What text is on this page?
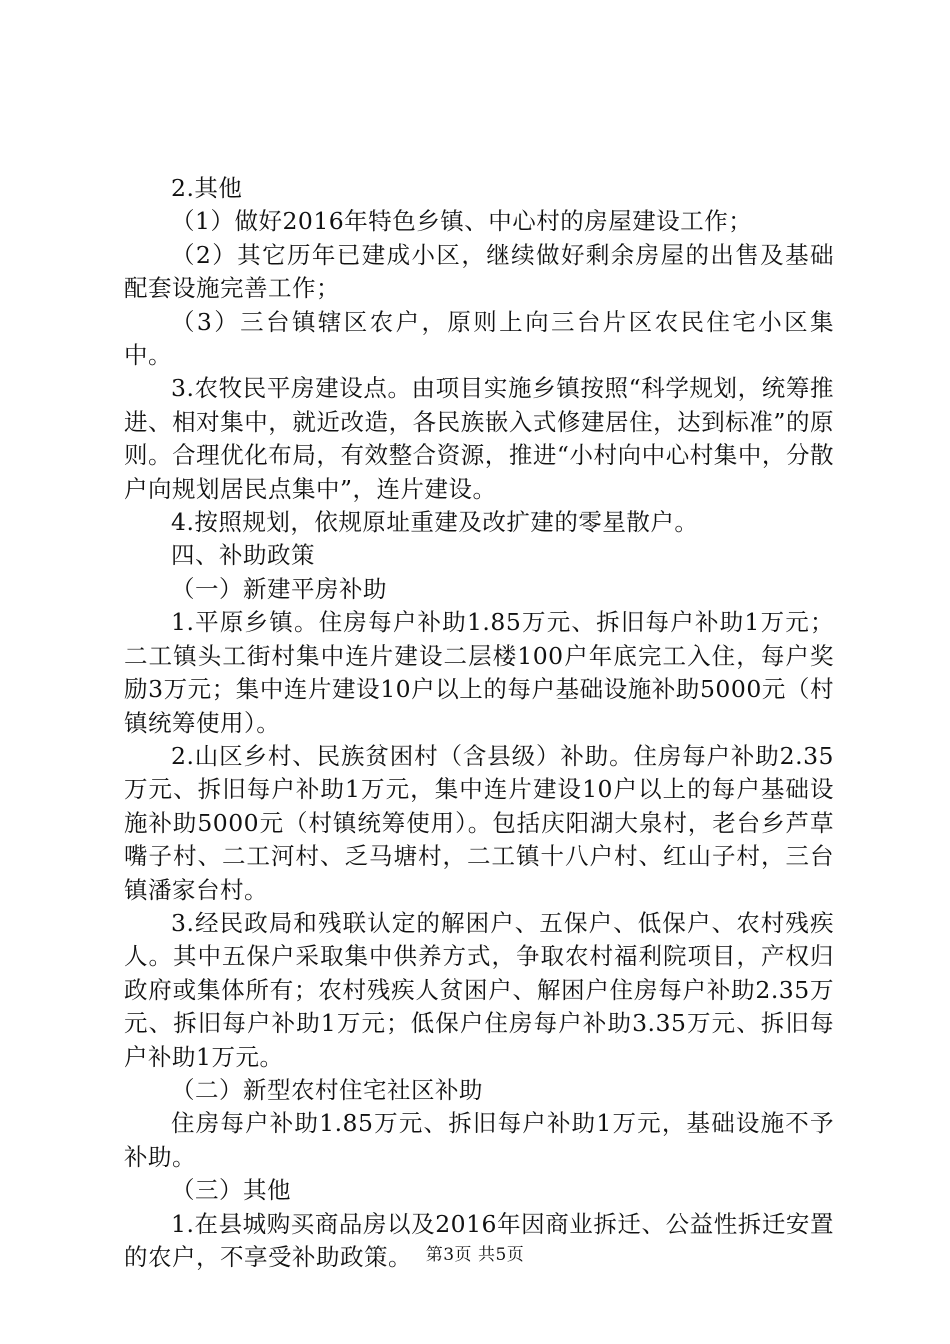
2.其他

（1）做好2016年特色乡镇、中心村的房屋建设工作；

（2）其它历年已建成小区，继续做好剩余房屋的出售及基础配套设施完善工作；

（3）三台镇辖区农户，原则上向三台片区农民住宅小区集中。

3.农牧民平房建设点。由项目实施乡镇按照“科学规划，统筹推进、相对集中，就近改造，各民族嵌入式修建居住，达到标准”的原则。合理优化布局，有效整合资源，推进“小村向中心村集中，分散户向规划居民点集中”，连片建设。

4.按照规划，依规原址重建及改扩建的零星散户。

四、补助政策

（一）新建平房补助

1.平原乡镇。住房每户补助1.85万元、拆旧每户补助1万元；二工镇头工街村集中连片建设二层楼100户年底完工入住，每户奖励3万元；集中连片建设10户以上的每户基础设施补助5000元（村镇统筹使用）。

2.山区乡村、民族贫困村（含县级）补助。住房每户补助2.35万元、拆旧每户补助1万元，集中连片建设10户以上的每户基础设施补助5000元（村镇统筹使用）。包括庆阳湖大泉村，老台乡芦草嘴子村、二工河村、乏马塘村，二工镇十八户村、红山子村，三台镇潘家台村。

3.经民政局和残联认定的解困户、五保户、低保户、农村残疾人。其中五保户采取集中供养方式，争取农村福利院项目，产权归政府或集体所有；农村残疾人贫困户、解困户住房每户补助2.35万元、拆旧每户补助1万元；低保户住房每户补助3.35万元、拆旧每户补助1万元。

（二）新型农村住宅社区补助

住房每户补助1.85万元、拆旧每户补助1万元，基础设施不予补助。

（三）其他

1.在县城购买商品房以及2016年因商业拆迁、公益性拆迁安置的农户，不享受补助政策。 第3页 共5页
